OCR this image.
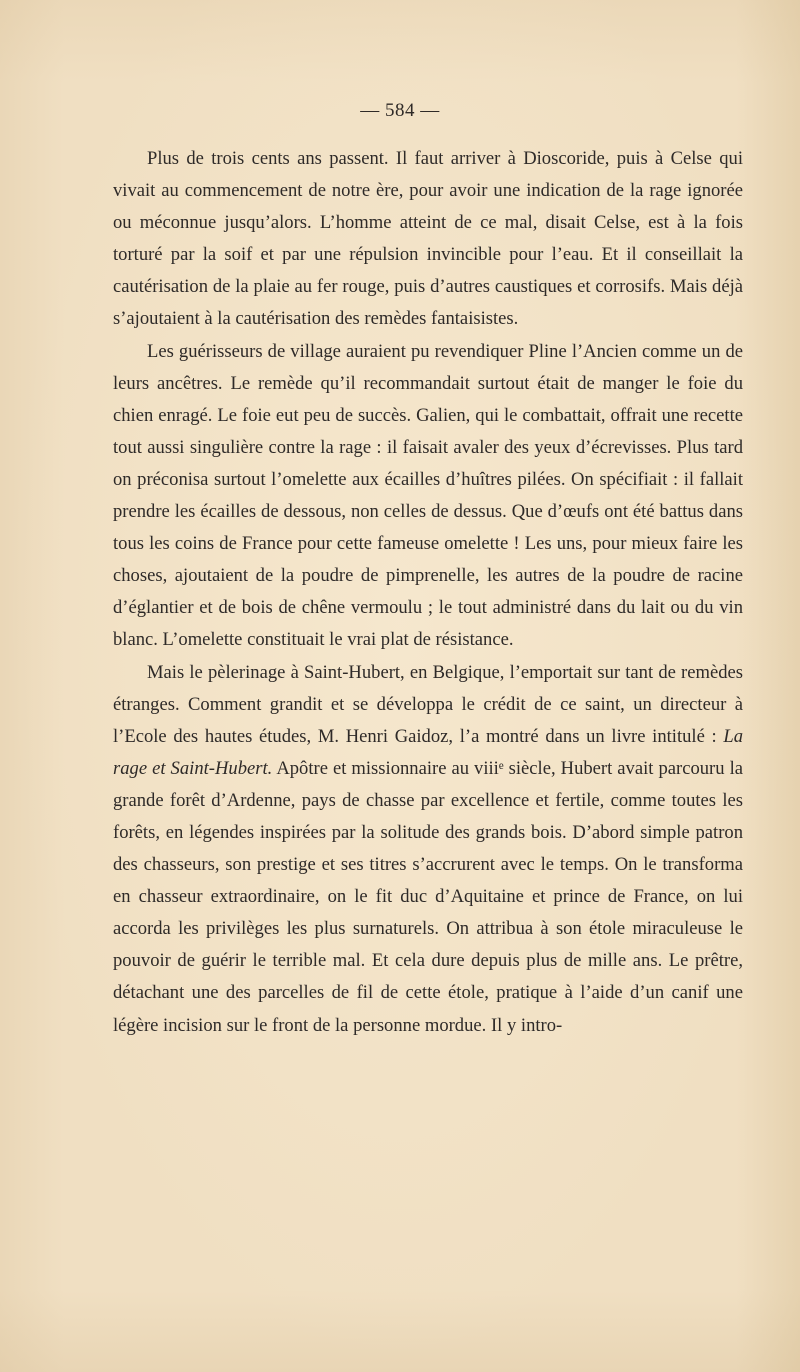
— 584 —

Plus de trois cents ans passent. Il faut arriver à Dioscoride, puis à Celse qui vivait au commencement de notre ère, pour avoir une indication de la rage ignorée ou méconnue jusqu’alors. L’homme atteint de ce mal, disait Celse, est à la fois torturé par la soif et par une répulsion invincible pour l’eau. Et il conseillait la cautérisation de la plaie au fer rouge, puis d’autres caustiques et corrosifs. Mais déjà s’ajoutaient à la cautérisation des remèdes fantaisistes.

Les guérisseurs de village auraient pu revendiquer Pline l’Ancien comme un de leurs ancêtres. Le remède qu’il recommandait surtout était de manger le foie du chien enragé. Le foie eut peu de succès. Galien, qui le combattait, offrait une recette tout aussi singulière contre la rage : il faisait avaler des yeux d’écrevisses. Plus tard on préconisa surtout l’omelette aux écailles d’huîtres pilées. On spécifiait : il fallait prendre les écailles de dessous, non celles de dessus. Que d’œufs ont été battus dans tous les coins de France pour cette fameuse omelette ! Les uns, pour mieux faire les choses, ajoutaient de la poudre de pimprenelle, les autres de la poudre de racine d’églantier et de bois de chêne vermoulu ; le tout administré dans du lait ou du vin blanc. L’omelette constituait le vrai plat de résistance.

Mais le pèlerinage à Saint-Hubert, en Belgique, l’emportait sur tant de remèdes étranges. Comment grandit et se développa le crédit de ce saint, un directeur à l’Ecole des hautes études, M. Henri Gaidoz, l’a montré dans un livre intitulé : La rage et Saint-Hubert. Apôtre et missionnaire au viiiᵉ siècle, Hubert avait parcouru la grande forêt d’Ardenne, pays de chasse par excellence et fertile, comme toutes les forêts, en légendes inspirées par la solitude des grands bois. D’abord simple patron des chasseurs, son prestige et ses titres s’accrurent avec le temps. On le transforma en chasseur extraordinaire, on le fit duc d’Aquitaine et prince de France, on lui accorda les privilèges les plus surnaturels. On attribua à son étole miraculeuse le pouvoir de guérir le terrible mal. Et cela dure depuis plus de mille ans. Le prêtre, détachant une des parcelles de fil de cette étole, pratique à l’aide d’un canif une légère incision sur le front de la personne mordue. Il y intro-
